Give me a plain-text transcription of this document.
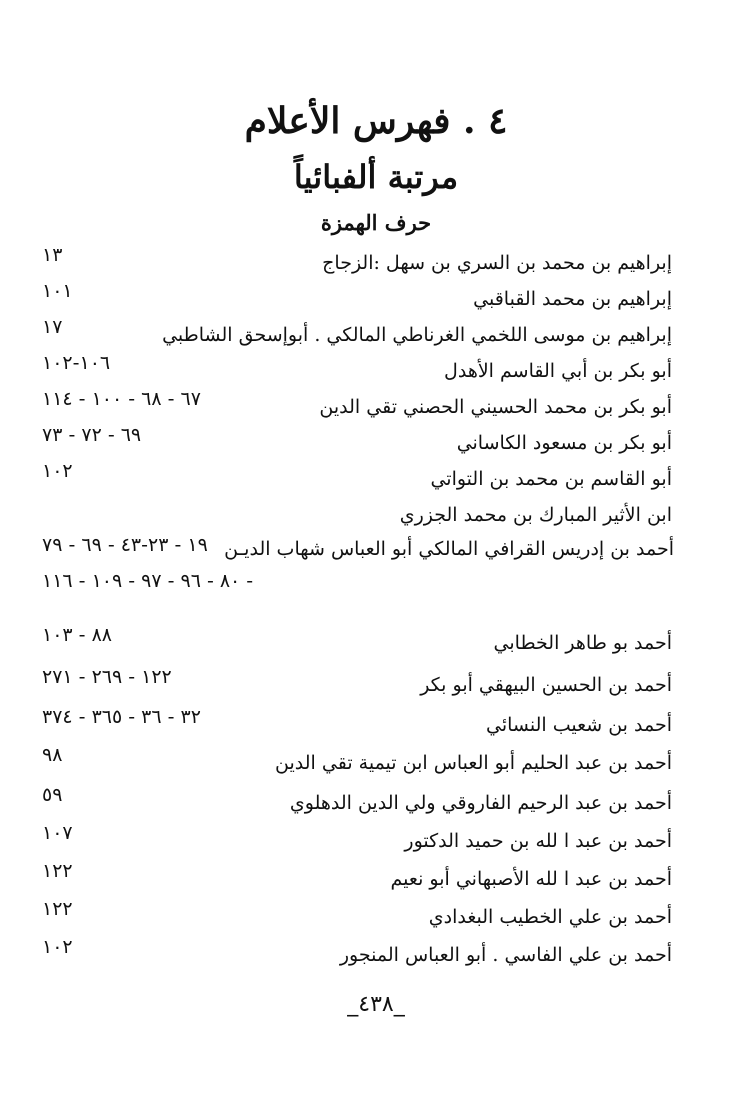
٤ . فهرس الأعلام
مرتبة ألفبائياً
حرف الهمزة
إبراهيم بن محمد بن السري بن سهل :الزجاج
١٣
إبراهيم بن محمد القباقبي
١٠١
إبراهيم بن موسى اللخمي الغرناطي المالكي . أبوإسحق الشاطبي
١٧
أبو بكر بن أبي القاسم الأهدل
١٠٦-١٠٢
أبو بكر بن محمد الحسيني الحصني تقي الدين
٦٧ - ٦٨ - ١٠٠ - ١١٤
أبو بكر بن مسعود الكاساني
٦٩ - ٧٢ - ٧٣
أبو القاسم بن محمد بن التواتي
١٠٢
ابن الأثير المبارك بن محمد الجزري
أحمد بن إدريس القرافي المالكي أبو العباس شهاب الديـن
١٩ - ٢٣-٤٣ - ٦٩ - ٧٩
- ٨٠ - ٩٦ - ٩٧ - ١٠٩ - ١١٦
أحمد بو طاهر الخطابي
٨٨ - ١٠٣
أحمد بن الحسين البيهقي أبو بكر
١٢٢ - ٢٦٩ - ٢٧١
أحمد بن شعيب النسائي
٣٢ - ٣٦ - ٣٦٥ - ٣٧٤
أحمد بن عبد الحليم أبو العباس ابن تيمية تقي الدين
٩٨
أحمد بن عبد الرحيم الفاروقي ولي الدين الدهلوي
٥٩
أحمد بن عبد ا لله بن حميد الدكتور
١٠٧
أحمد بن عبد ا لله الأصبهاني أبو نعيم
١٢٢
أحمد بن علي الخطيب البغدادي
١٢٢
أحمد بن علي الفاسي . أبو العباس المنجور
١٠٢
_٤٣٨_
